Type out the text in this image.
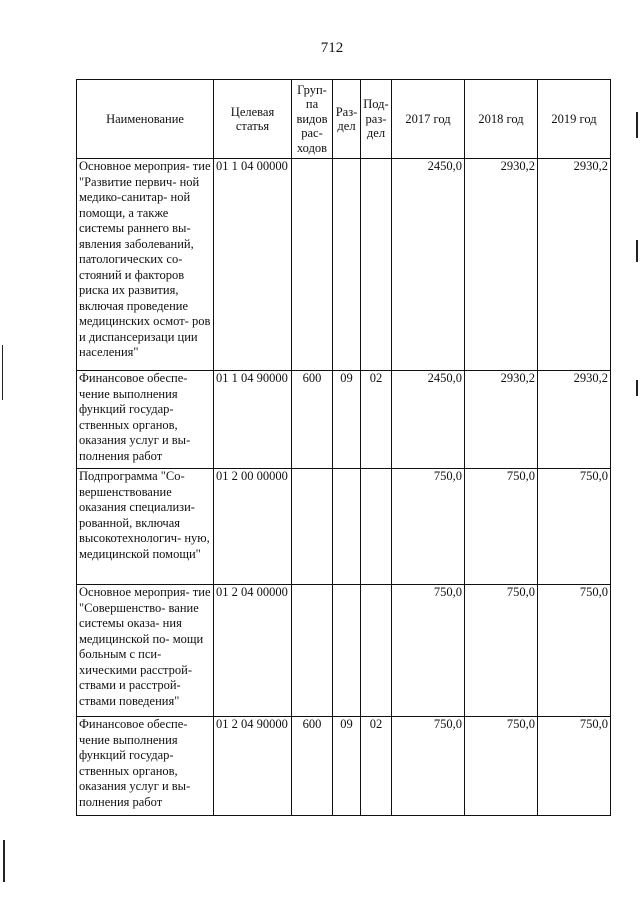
712
Наименование	Целевая статья	Груп- па видов рас- ходов	Раз- дел	Под- раз- дел	2017 год	2018 год	2019 год
Основное мероприя- тие "Развитие первич- ной медико-санитар- ной помощи, а также системы раннего вы- явления заболеваний, патологических со- стояний и факторов риска их развития, включая проведение медицинских осмот- ров и диспансеризаци ции населения"	01 1 04 00000				2450,0	2930,2	2930,2
Финансовое обеспе- чение выполнения функций государ- ственных органов, оказания услуг и вы- полнения работ	01 1 04 90000	600	09	02	2450,0	2930,2	2930,2
Подпрограмма "Со- вершенствование оказания специализи- рованной, включая высокотехнологич- ную, медицинской помощи"	01 2 00 00000				750,0	750,0	750,0
Основное мероприя- тие "Совершенство- вание системы оказа- ния медицинской по- мощи больным с пси- хическими расстрой- ствами и расстрой- ствами поведения"	01 2 04 00000				750,0	750,0	750,0
Финансовое обеспе- чение выполнения функций государ- ственных органов, оказания услуг и вы- полнения работ	01 2 04 90000	600	09	02	750,0	750,0	750,0
